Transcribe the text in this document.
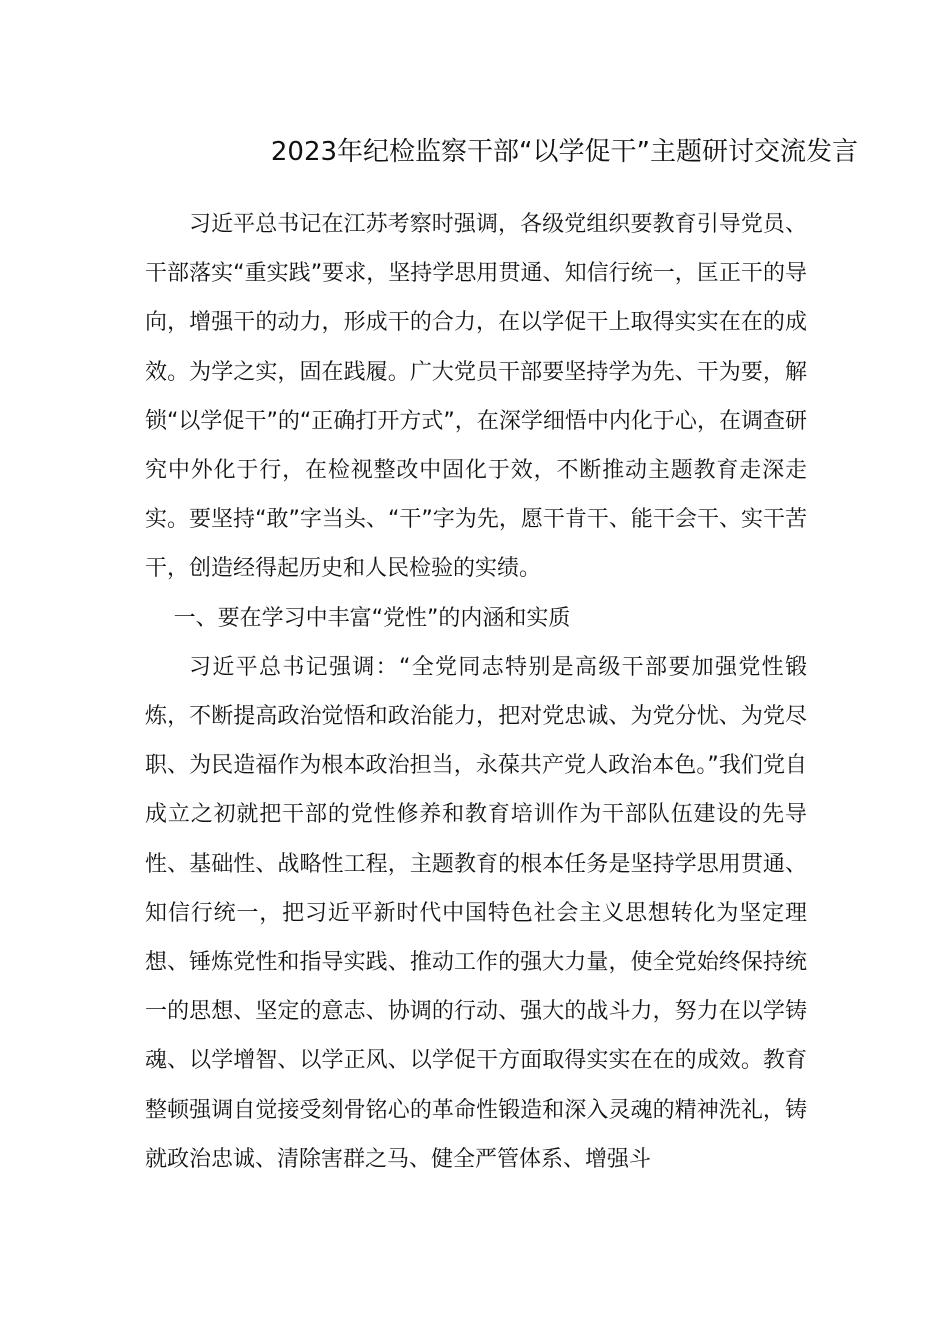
2023年纪检监察干部“以学促干”主题研讨交流发言

习近平总书记在江苏考察时强调，各级党组织要教育引导党员、干部落实“重实践”要求，坚持学思用贯通、知信行统一，匡正干的导向，增强干的动力，形成干的合力，在以学促干上取得实实在在的成效。为学之实，固在践履。广大党员干部要坚持学为先、干为要，解锁“以学促干”的“正确打开方式”，在深学细悟中内化于心，在调查研究中外化于行，在检视整改中固化于效，不断推动主题教育走深走实。要坚持“敢”字当头、“干”字为先，愿干肯干、能干会干、实干苦干，创造经得起历史和人民检验的实绩。

一、要在学习中丰富“党性”的内涵和实质

习近平总书记强调：“全党同志特别是高级干部要加强党性锻炼，不断提高政治觉悟和政治能力，把对党忠诚、为党分忧、为党尽职、为民造福作为根本政治担当，永葆共产党人政治本色。”我们党自成立之初就把干部的党性修养和教育培训作为干部队伍建设的先导性、基础性、战略性工程，主题教育的根本任务是坚持学思用贯通、知信行统一，把习近平新时代中国特色社会主义思想转化为坚定理想、锤炼党性和指导实践、推动工作的强大力量，使全党始终保持统一的思想、坚定的意志、协调的行动、强大的战斗力，努力在以学铸魂、以学增智、以学正风、以学促干方面取得实实在在的成效。教育整顿强调自觉接受刻骨铭心的革命性锻造和深入灵魂的精神洗礼，铸就政治忠诚、清除害群之马、健全严管体系、增强斗
